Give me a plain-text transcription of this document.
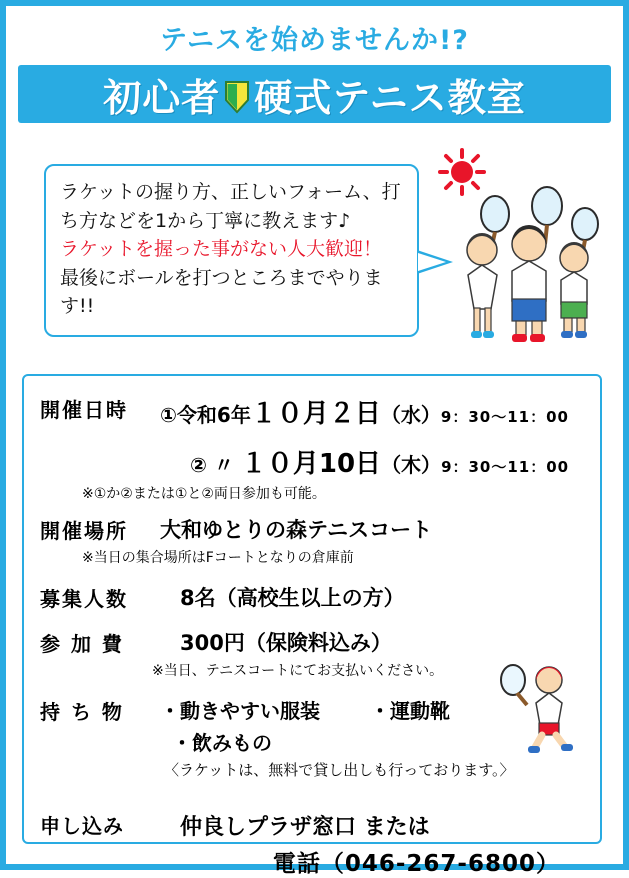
テニスを始めませんか!?
初心者 硬式テニス教室
ラケットの握り方、正しいフォーム、打
ち方などを1から丁寧に教えます♪
ラケットを握った事がない人大歓迎！
最後にボールを打つところまでやりま
す!!
開催日時	①令和6年１０月２日（水）9：30～11：00
② 〃 １０月10日（木）9：30～11：00
※①か②または①と②両日参加も可能。
開催場所	大和ゆとりの森テニスコート
※当日の集合場所はFコートとなりの倉庫前
募集人数	8名（高校生以上の方）
参 加 費	300円（保険料込み）
※当日、テニスコートにてお支払いください。
持 ち 物	・動きやすい服装	・運動靴
・飲みもの
〈ラケットは、無料で貸し出しも行っております。〉
申し込み	仲良しプラザ窓口 または
電話（046-267-6800）
